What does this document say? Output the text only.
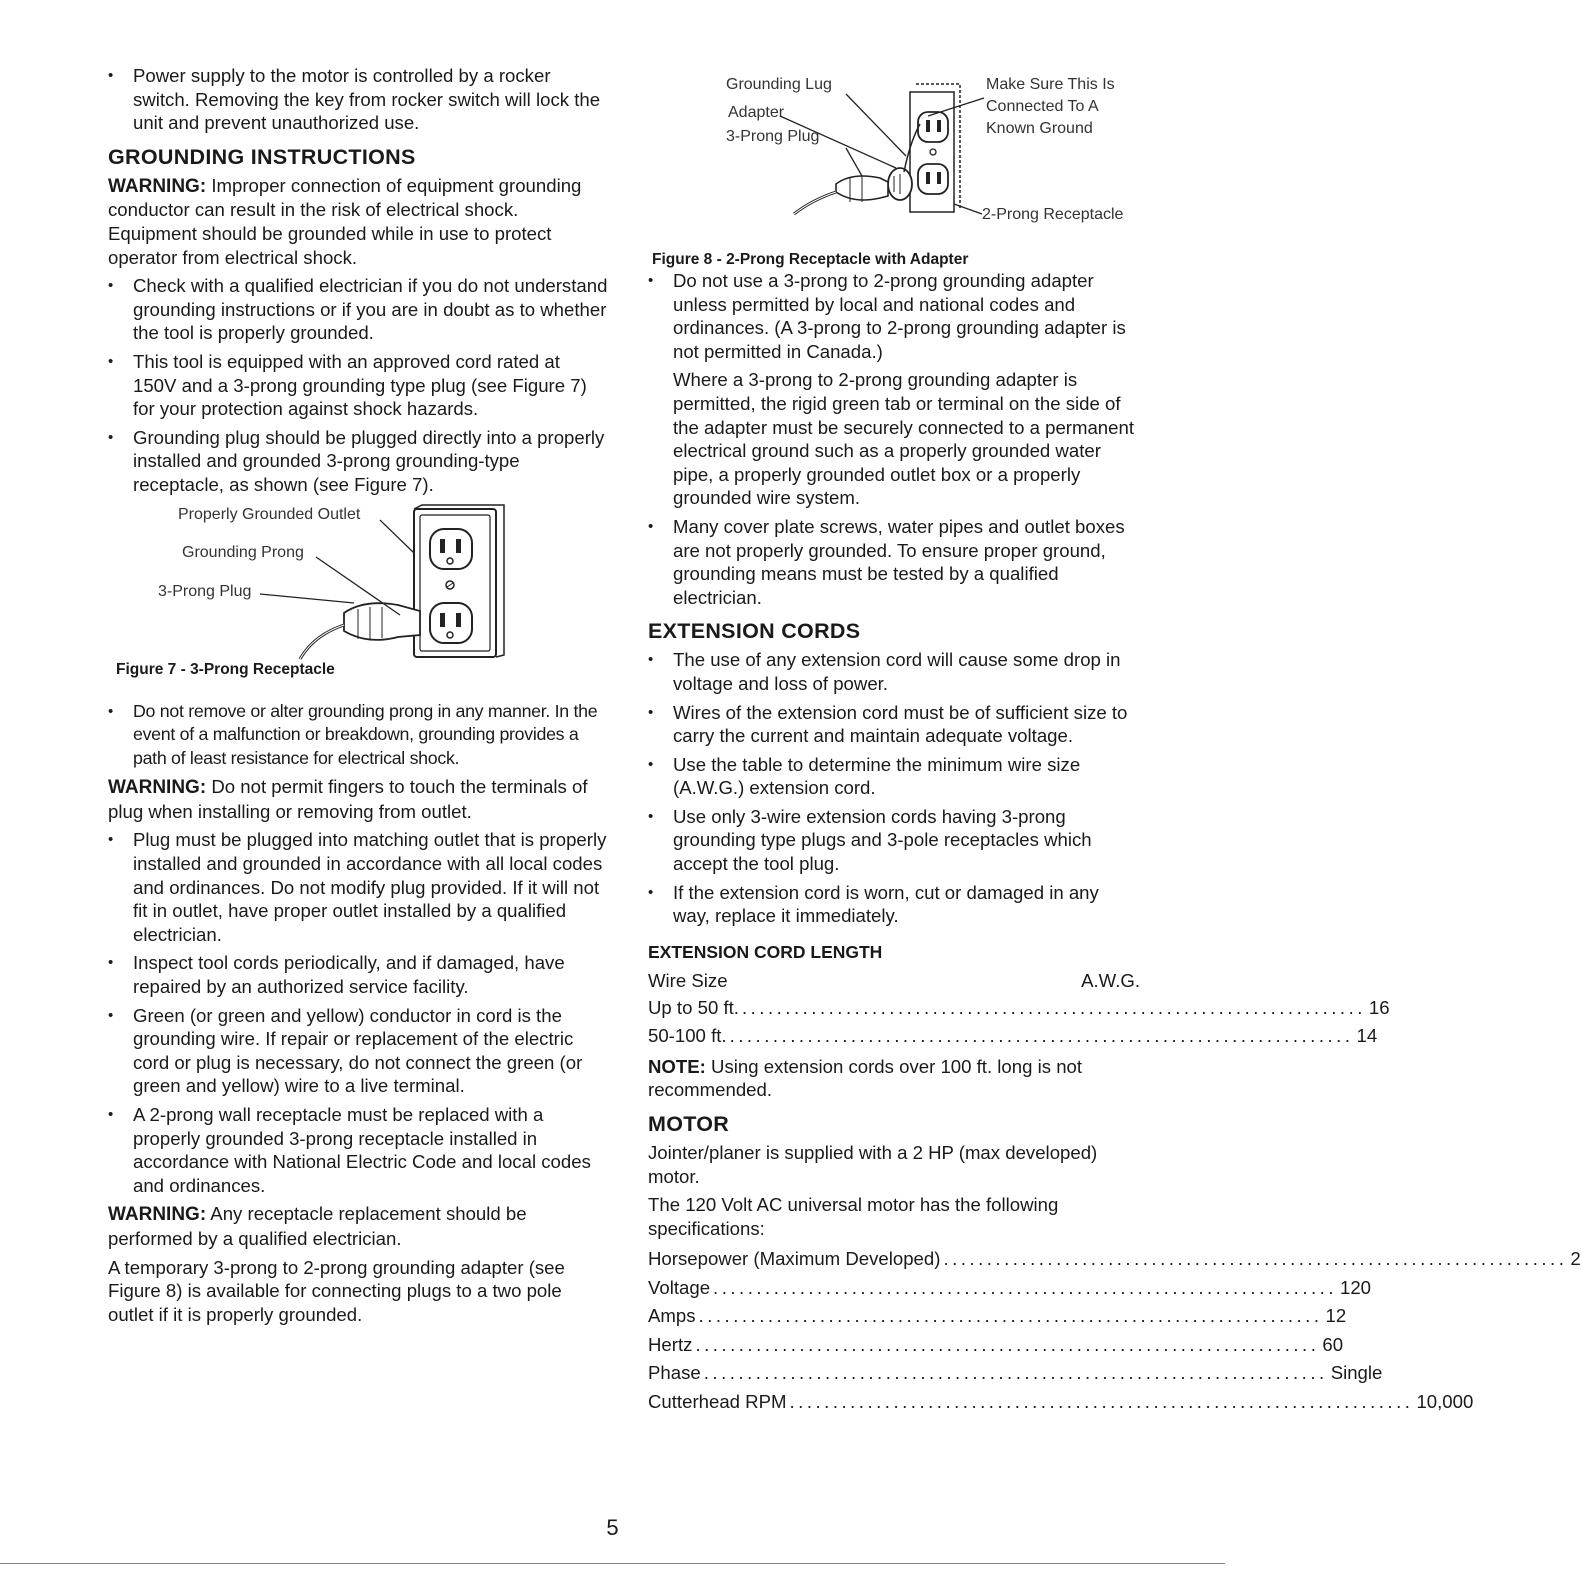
• Power supply to the motor is controlled by a rocker switch. Removing the key from rocker switch will lock the unit and prevent unauthorized use.
GROUNDING INSTRUCTIONS

WARNING: Improper connection of equipment grounding conductor can result in the risk of electrical shock. Equipment should be grounded while in use to protect operator from electrical shock.

• Check with a qualified electrician if you do not understand grounding instructions or if you are in doubt as to whether the tool is properly grounded.
• This tool is equipped with an approved cord rated at 150V and a 3-prong grounding type plug (see Figure 7) for your protection against shock hazards.
• Grounding plug should be plugged directly into a properly installed and grounded 3-prong grounding-type receptacle, as shown (see Figure 7).
Properly Grounded Outlet
Grounding Prong
3-Prong Plug

Figure 7 - 3-Prong Receptacle

• Do not remove or alter grounding prong in any manner. In the event of a malfunction or breakdown, grounding provides a path of least resistance for electrical shock.

WARNING: Do not permit fingers to touch the terminals of plug when installing or removing from outlet.

• Plug must be plugged into matching outlet that is properly installed and grounded in accordance with all local codes and ordinances. Do not modify plug provided. If it will not fit in outlet, have proper outlet installed by a qualified electrician.
• Inspect tool cords periodically, and if damaged, have repaired by an authorized service facility.
• Green (or green and yellow) conductor in cord is the grounding wire. If repair or replacement of the electric cord or plug is necessary, do not connect the green (or green and yellow) wire to a live terminal.
• A 2-prong wall receptacle must be replaced with a properly grounded 3-prong receptacle installed in accordance with National Electric Code and local codes and ordinances.

WARNING: Any receptacle replacement should be performed by a qualified electrician.

A temporary 3-prong to 2-prong grounding adapter (see Figure 8) is available for connecting plugs to a two pole outlet if it is properly grounded.

Grounding Lug
Adapter
3-Prong Plug
Make Sure This Is Connected To A Known Ground
2-Prong Receptacle

Figure 8 - 2-Prong Receptacle with Adapter

• Do not use a 3-prong to 2-prong grounding adapter unless permitted by local and national codes and ordinances. (A 3-prong to 2-prong grounding adapter is not permitted in Canada.)

Where a 3-prong to 2-prong grounding adapter is permitted, the rigid green tab or terminal on the side of the adapter must be securely connected to a permanent electrical ground such as a properly grounded water pipe, a properly grounded outlet box or a properly grounded wire system.

• Many cover plate screws, water pipes and outlet boxes are not properly grounded. To ensure proper ground, grounding means must be tested by a qualified electrician.
EXTENSION CORDS
• The use of any extension cord will cause some drop in voltage and loss of power.
• Wires of the extension cord must be of sufficient size to carry the current and maintain adequate voltage.
• Use the table to determine the minimum wire size (A.W.G.) extension cord.
• Use only 3-wire extension cords having 3-prong grounding type plugs and 3-pole receptacles which accept the tool plug.
• If the extension cord is worn, cut or damaged in any way, replace it immediately.
EXTENSION CORD LENGTH
Wire Size	A.W.G.
Up to 50 ft. ........................................................................ 16
50-100 ft. ........................................................................ 14

NOTE: Using extension cords over 100 ft. long is not recommended.

MOTOR

Jointer/planer is supplied with a 2 HP (max developed) motor.

The 120 Volt AC universal motor has the following specifications:

Horsepower (Maximum Developed) ........................................................................ 2
Voltage ........................................................................ 120
Amps ........................................................................ 12
Hertz ........................................................................ 60
Phase ........................................................................ Single
Cutterhead RPM ........................................................................ 10,000
5
